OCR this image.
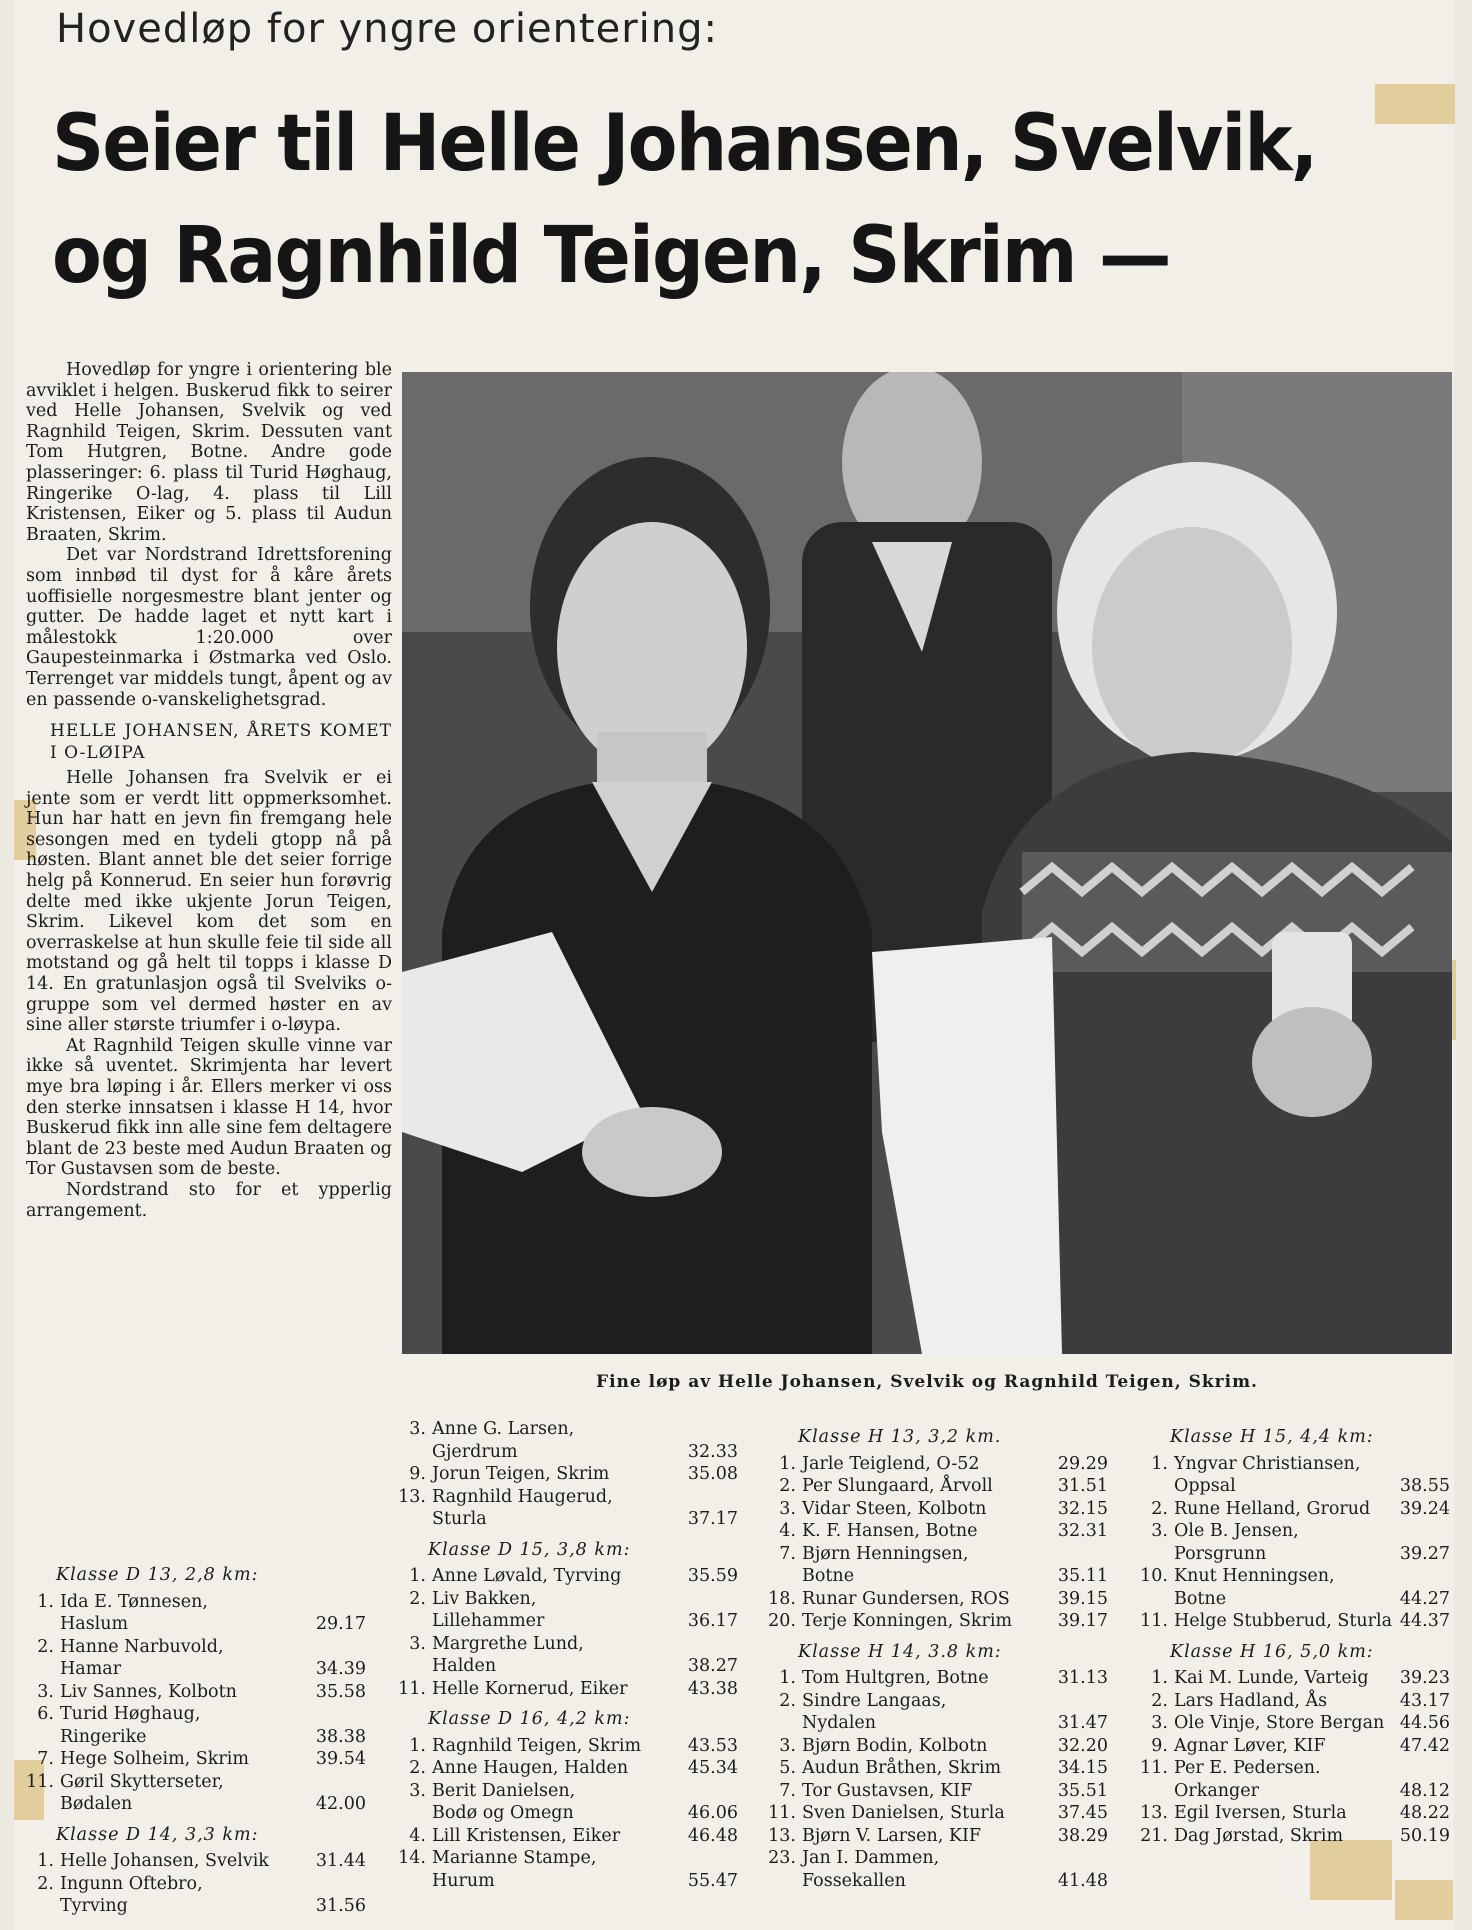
Hovedløp for yngre orientering:
Seier til Helle Johansen, Svelvik,
og Ragnhild Teigen, Skrim —

Hovedløp for yngre i orientering ble avviklet i helgen. Buskerud fikk to seirer ved Helle Johansen, Svelvik og ved Ragnhild Teigen, Skrim. Dessuten vant Tom Hutgren, Botne. Andre gode plasseringer: 6. plass til Turid Høghaug, Ringerike O-lag, 4. plass til Lill Kristensen, Eiker og 5. plass til Audun Braaten, Skrim.

Det var Nordstrand Idrettsforening som innbød til dyst for å kåre årets uoffisielle norgesmestre blant jenter og gutter. De hadde laget et nytt kart i målestokk 1:20.000 over Gaupesteinmarka i Østmarka ved Oslo. Terrenget var middels tungt, åpent og av en passende o-vanskelighetsgrad.

HELLE JOHANSEN, ÅRETS KOMET I O-LØIPA

Helle Johansen fra Svelvik er ei jente som er verdt litt oppmerksomhet. Hun har hatt en jevn fin fremgang hele sesongen med en tydeli gtopp nå på høsten. Blant annet ble det seier forrige helg på Konnerud. En seier hun forøvrig delte med ikke ukjente Jorun Teigen, Skrim. Likevel kom det som en overraskelse at hun skulle feie til side all motstand og gå helt til topps i klasse D 14. En gratunlasjon også til Svelviks o-gruppe som vel dermed høster en av sine aller største triumfer i o-løypa.

At Ragnhild Teigen skulle vinne var ikke så uventet. Skrimjenta har levert mye bra løping i år. Ellers merker vi oss den sterke innsatsen i klasse H 14, hvor Buskerud fikk inn alle sine fem deltagere blant de 23 beste med Audun Braaten og Tor Gustavsen som de beste.

Nordstrand sto for et ypperlig arrangement.

Fine løp av Helle Johansen, Svelvik og Ragnhild Teigen, Skrim.
Klasse D 13, 2,8 km:
1. Ida E. Tønnesen,
Haslum	29.17
2. Hanne Narbuvold,
Hamar	34.39
3. Liv Sannes, Kolbotn	35.58
6. Turid Høghaug,
Ringerike	38.38
7. Hege Solheim, Skrim	39.54
11. Gøril Skytterseter,
Bødalen	42.00
Klasse D 14, 3,3 km:
1. Helle Johansen, Svelvik	31.44
2. Ingunn Oftebro,
Tyrving	31.56
3. Anne G. Larsen,
Gjerdrum	32.33
9. Jorun Teigen, Skrim	35.08
13. Ragnhild Haugerud,
Sturla	37.17
Klasse D 15, 3,8 km:
1. Anne Løvald, Tyrving	35.59
2. Liv Bakken,
Lillehammer	36.17
3. Margrethe Lund,
Halden	38.27
11. Helle Kornerud, Eiker	43.38
Klasse D 16, 4,2 km:
1. Ragnhild Teigen, Skrim	43.53
2. Anne Haugen, Halden	45.34
3. Berit Danielsen,
Bodø og Omegn	46.06
4. Lill Kristensen, Eiker	46.48
14. Marianne Stampe,
Hurum	55.47
Klasse H 13, 3,2 km.
1. Jarle Teiglend, O-52	29.29
2. Per Slungaard, Årvoll	31.51
3. Vidar Steen, Kolbotn	32.15
4. K. F. Hansen, Botne	32.31
7. Bjørn Henningsen,
Botne	35.11
18. Runar Gundersen, ROS	39.15
20. Terje Konningen, Skrim	39.17
Klasse H 14, 3.8 km:
1. Tom Hultgren, Botne	31.13
2. Sindre Langaas,
Nydalen	31.47
3. Bjørn Bodin, Kolbotn	32.20
5. Audun Bråthen, Skrim	34.15
7. Tor Gustavsen, KIF	35.51
11. Sven Danielsen, Sturla	37.45
13. Bjørn V. Larsen, KIF	38.29
23. Jan I. Dammen,
Fossekallen	41.48
Klasse H 15, 4,4 km:
1. Yngvar Christiansen,
Oppsal	38.55
2. Rune Helland, Grorud	39.24
3. Ole B. Jensen,
Porsgrunn	39.27
10. Knut Henningsen,
Botne	44.27
11. Helge Stubberud, Sturla 44.37
Klasse H 16, 5,0 km:
1. Kai M. Lunde, Varteig	39.23
2. Lars Hadland, Ås	43.17
3. Ole Vinje, Store Bergan 44.56
9. Agnar Løver, KIF	47.42
11. Per E. Pedersen.
Orkanger	48.12
13. Egil Iversen, Sturla	48.22
21. Dag Jørstad, Skrim	50.19
